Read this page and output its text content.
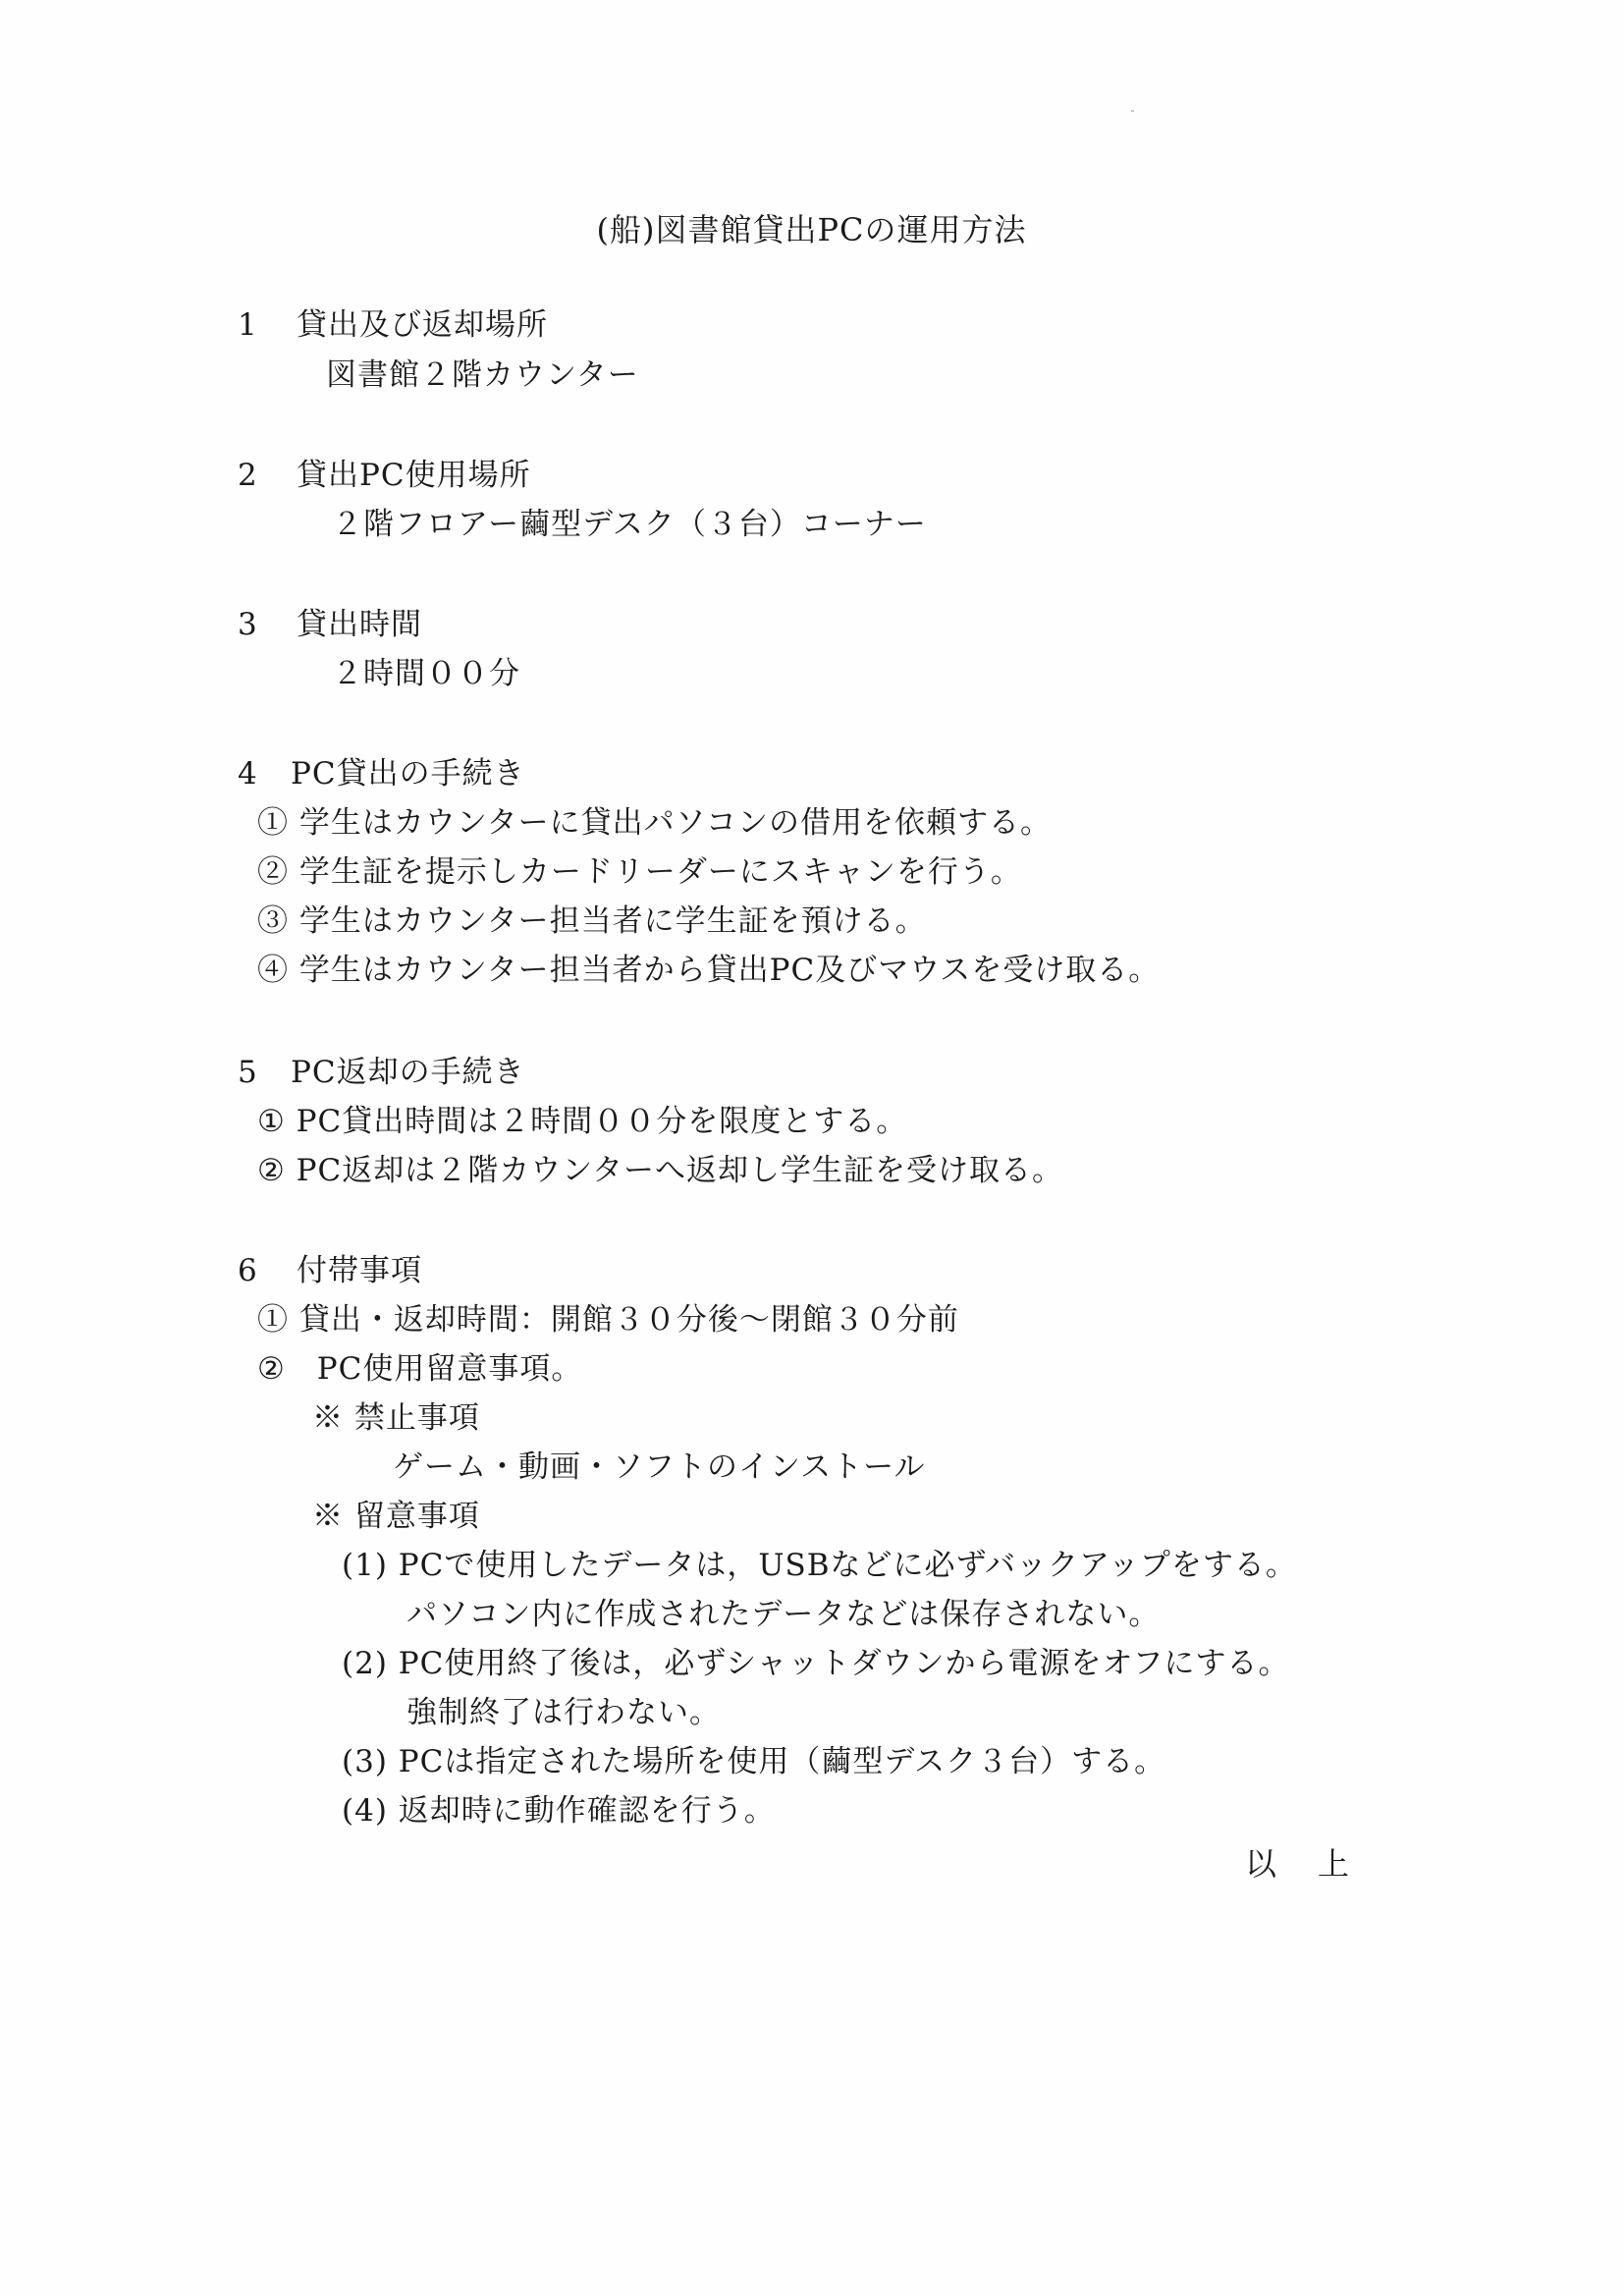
(船)図書館貸出PCの運用方法
1 貸出及び返却場所
図書館２階カウンター
2 貸出PC使用場所
２階フロアー繭型デスク（３台）コーナー
3 貸出時間
２時間００分
4 PC貸出の手続き
① 学生はカウンターに貸出パソコンの借用を依頼する。
② 学生証を提示しカードリーダーにスキャンを行う。
③ 学生はカウンター担当者に学生証を預ける。
④ 学生はカウンター担当者から貸出PC及びマウスを受け取る。
5 PC返却の手続き
① PC貸出時間は２時間００分を限度とする。
② PC返却は２階カウンターへ返却し学生証を受け取る。
6 付帯事項
① 貸出・返却時間：開館３０分後〜閉館３０分前
②　PC使用留意事項。
※ 禁止事項
ゲーム・動画・ソフトのインストール
※ 留意事項
(1) PCで使用したデータは，USBなどに必ずバックアップをする。
パソコン内に作成されたデータなどは保存されない。
(2) PC使用終了後は，必ずシャットダウンから電源をオフにする。
強制終了は行わない。
(3) PCは指定された場所を使用（繭型デスク３台）する。
(4) 返却時に動作確認を行う。
以上
